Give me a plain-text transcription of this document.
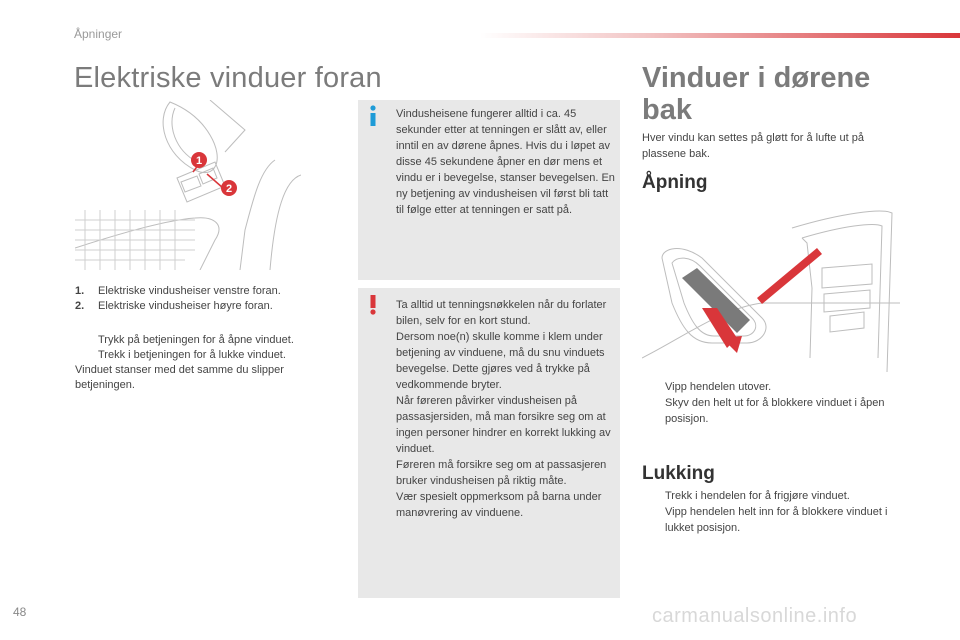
Åpninger
Elektriske vinduer foran
1
2
1. Elektriske vindusheiser venstre foran.
2. Elektriske vindusheiser høyre foran.
Trykk på betjeningen for å åpne vinduet.
Trekk i betjeningen for å lukke vinduet.
Vinduet stanser med det samme du slipper betjeningen.
Vindusheisene fungerer alltid i ca. 45 sekunder etter at tenningen er slått av, eller inntil en av dørene åpnes. Hvis du i løpet av disse 45 sekundene åpner en dør mens et vindu er i bevegelse, stanser bevegelsen. En ny betjening av vindusheisen vil først bli tatt til følge etter at tenningen er satt på.
Ta alltid ut tenningsnøkkelen når du forlater bilen, selv for en kort stund.
Dersom noe(n) skulle komme i klem under betjening av vinduene, må du snu vinduets bevegelse. Dette gjøres ved å trykke på vedkommende bryter.
Når føreren påvirker vindusheisen på passasjersiden, må man forsikre seg om at ingen personer hindrer en korrekt lukking av vinduet.
Føreren må forsikre seg om at passasjeren bruker vindusheisen på riktig måte.
Vær spesielt oppmerksom på barna under manøvrering av vinduene.
Vinduer i dørene bak
Hver vindu kan settes på gløtt for å lufte ut på plassene bak.
Åpning
Vipp hendelen utover.
Skyv den helt ut for å blokkere vinduet i åpen posisjon.
Lukking
Trekk i hendelen for å frigjøre vinduet.
Vipp hendelen helt inn for å blokkere vinduet i lukket posisjon.
48	carmanualsonline.info
